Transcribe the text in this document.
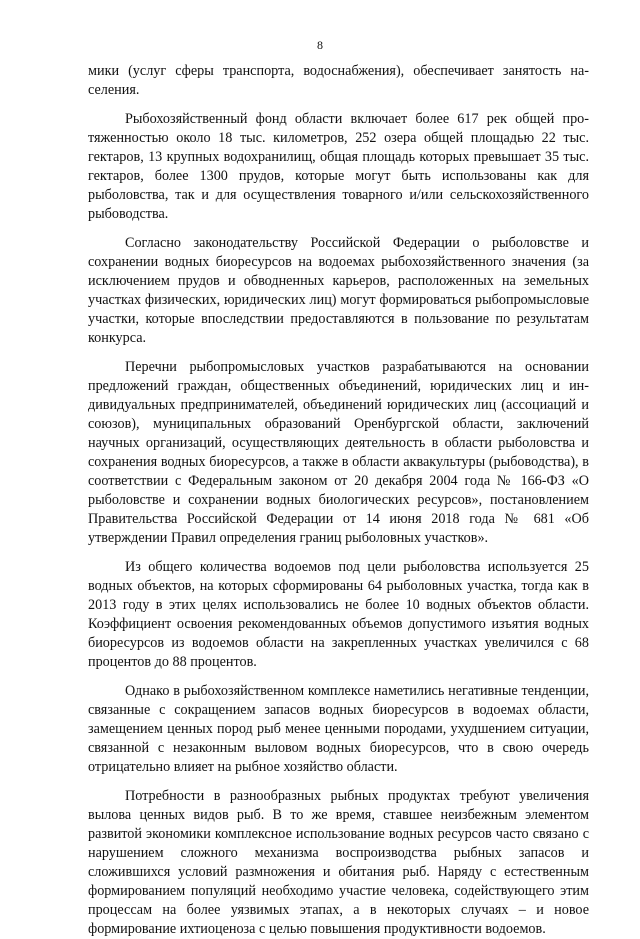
8

мики (услуг сферы транспорта, водоснабжения), обеспечивает занятость населения.

Рыбохозяйственный фонд области включает более 617 рек общей протяженностью около 18 тыс. километров, 252 озера общей площадью 22 тыс. гектаров, 13 крупных водохранилищ, общая площадь которых превышает 35 тыс. гектаров, более 1300 прудов, которые могут быть использованы как для рыболовства, так и для осуществления товарного и/или сельскохозяйственного рыбоводства.

Согласно законодательству Российской Федерации о рыболовстве и сохранении водных биоресурсов на водоемах рыбохозяйственного значения (за исключением прудов и обводненных карьеров, расположенных на земельных участках физических, юридических лиц) могут формироваться рыбопромысловые участки, которые впоследствии предоставляются в пользование по результатам конкурса.

Перечни рыбопромысловых участков разрабатываются на основании предложений граждан, общественных объединений, юридических лиц и индивидуальных предпринимателей, объединений юридических лиц (ассоциаций и союзов), муниципальных образований Оренбургской области, заключений научных организаций, осуществляющих деятельность в области рыболовства и сохранения водных биоресурсов, а также в области аквакультуры (рыбоводства), в соответствии с Федеральным законом от 20 декабря 2004 года № 166-ФЗ «О рыболовстве и сохранении водных биологических ресурсов», постановлением Правительства Российской Федерации от 14 июня 2018 года № 681 «Об утверждении Правил определения границ рыболовных участков».

Из общего количества водоемов под цели рыболовства используется 25 водных объектов, на которых сформированы 64 рыболовных участка, тогда как в 2013 году в этих целях использовались не более 10 водных объектов области. Коэффициент освоения рекомендованных объемов допустимого изъятия водных биоресурсов из водоемов области на закрепленных участках увеличился с 68 процентов до 88 процентов.

Однако в рыбохозяйственном комплексе наметились негативные тенденции, связанные с сокращением запасов водных биоресурсов в водоемах области, замещением ценных пород рыб менее ценными породами, ухудшением ситуации, связанной с незаконным выловом водных биоресурсов, что в свою очередь отрицательно влияет на рыбное хозяйство области.

Потребности в разнообразных рыбных продуктах требуют увеличения вылова ценных видов рыб. В то же время, ставшее неизбежным элементом развитой экономики комплексное использование водных ресурсов часто связано с нарушением сложного механизма воспроизводства рыбных запасов и сложившихся условий размножения и обитания рыб. Наряду с естественным формированием популяций необходимо участие человека, содействующего этим процессам на более уязвимых этапах, а в некоторых случаях – и новое формирование ихтиоценоза с целью повышения продуктивности водоемов.
